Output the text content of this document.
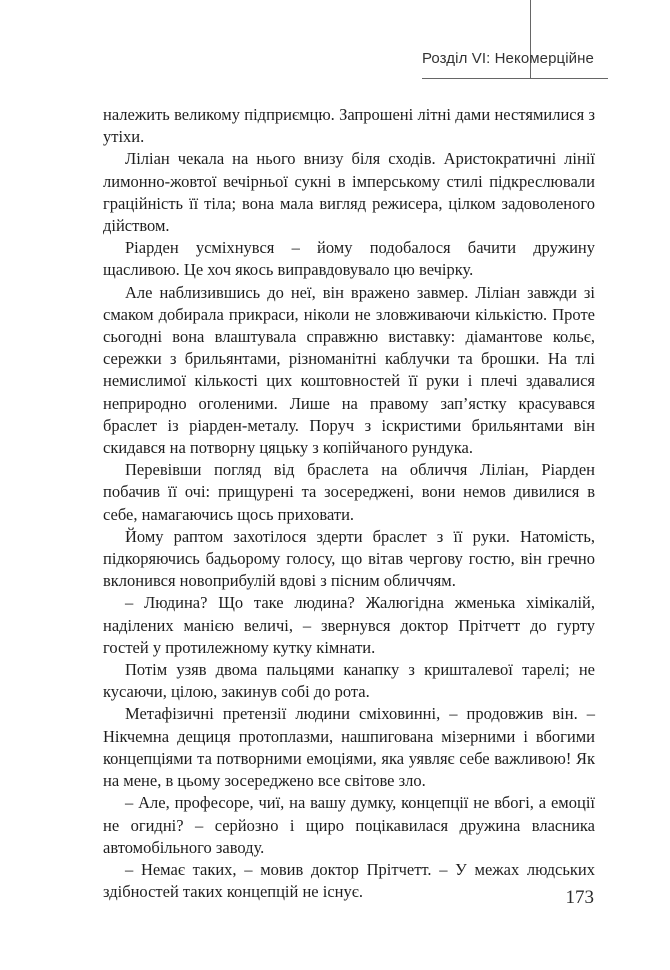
Розділ VI: Некомерційне

належить великому підприємцю. Запрошені літні дами нестямилися з утіхи.

Ліліан чекала на нього внизу біля сходів. Аристократичні лінії лимонно-жовтої вечірньої сукні в імперському стилі підкреслювали граційність її тіла; вона мала вигляд режисера, цілком задоволеного дійством.

Ріарден усміхнувся – йому подобалося бачити дружину щасливою. Це хоч якось виправдовувало цю вечірку.

Але наблизившись до неї, він вражено завмер. Ліліан завжди зі смаком добирала прикраси, ніколи не зловживаючи кількістю. Проте сьогодні вона влаштувала справжню виставку: діамантове кольє, сережки з брильянтами, різноманітні каблучки та брошки. На тлі немислимої кількості цих коштовностей її руки і плечі здавалися неприродно оголеними. Лише на правому зап’ястку красувався браслет із ріарден-металу. Поруч з іскристими брильянтами він скидався на потворну цяцьку з копійчаного рундука.

Перевівши погляд від браслета на обличчя Ліліан, Ріарден побачив її очі: прищурені та зосереджені, вони немов дивилися в себе, намагаючись щось приховати.

Йому раптом захотілося здерти браслет з її руки. Натомість, підкоряючись бадьорому голосу, що вітав чергову гостю, він гречно вклонився новоприбулій вдові з пісним обличчям.

– Людина? Що таке людина? Жалюгідна жменька хімікалій, наділених манією величі, – звернувся доктор Прітчетт до гурту гостей у протилежному кутку кімнати.

Потім узяв двома пальцями канапку з кришталевої тарелі; не кусаючи, цілою, закинув собі до рота.

Метафізичні претензії людини сміховинні, – продовжив він. – Нікчемна дещиця протоплазми, нашпигована мізерними і вбогими концепціями та потворними емоціями, яка уявляє себе важливою! Як на мене, в цьому зосереджено все світове зло.

– Але, професоре, чиї, на вашу думку, концепції не вбогі, а емоції не огидні? – серйозно і щиро поцікавилася дружина власника автомобільного заводу.

– Немає таких, – мовив доктор Прітчетт. – У межах людських здібностей таких концепцій не існує.	173
